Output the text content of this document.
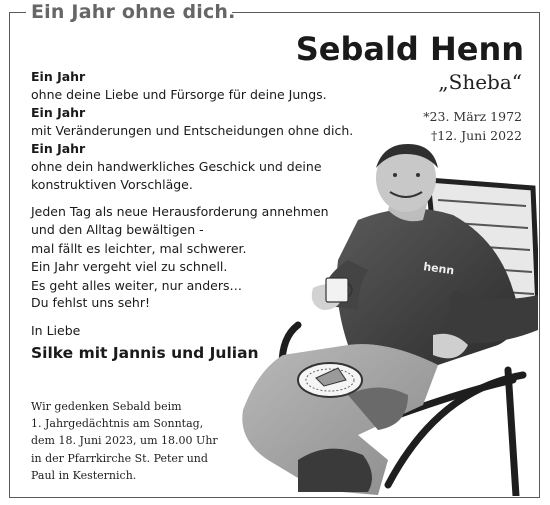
Ein Jahr ohne dich.
Sebald Henn
„Sheba“
*23. März 1972
†12. Juni 2022
Ein Jahr
ohne deine Liebe und Fürsorge für deine Jungs.
Ein Jahr
mit Veränderungen und Entscheidungen ohne dich.
Ein Jahr
ohne dein handwerkliches Geschick und deine
konstruktiven Vorschläge.
Jeden Tag als neue Herausforderung annehmen
und den Alltag bewältigen -
mal fällt es leichter, mal schwerer.
Ein Jahr vergeht viel zu schnell.
Es geht alles weiter, nur anders…
Du fehlst uns sehr!
In Liebe
Silke mit Jannis und Julian
Wir gedenken Sebald beim
1. Jahrgedächtnis am Sonntag,
dem 18. Juni 2023, um 18.00 Uhr
in der Pfarrkirche St. Peter und
Paul in Kesternich.
henn
